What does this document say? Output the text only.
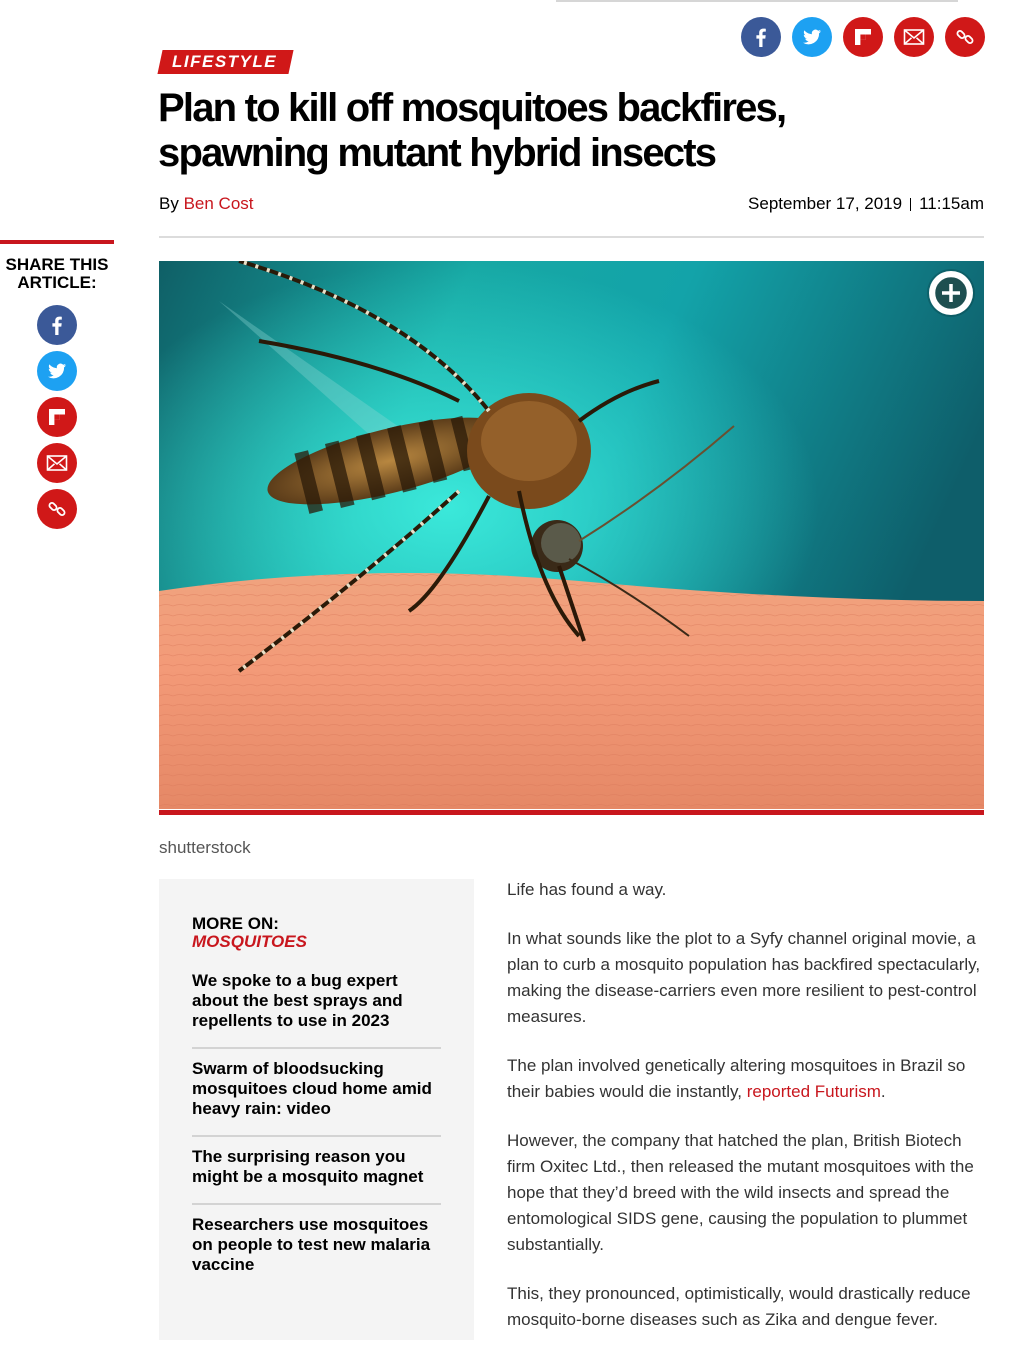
LIFESTYLE
Plan to kill off mosquitoes backfires, spawning mutant hybrid insects
By Ben Cost	September 17, 2019 11:15am
SHARE THIS ARTICLE:
shutterstock
MORE ON:
MOSQUITOES
We spoke to a bug expert about the best sprays and repellents to use in 2023
Swarm of bloodsucking mosquitoes cloud home amid heavy rain: video
The surprising reason you might be a mosquito magnet
Researchers use mosquitoes on people to test new malaria vaccine

Life has found a way.

In what sounds like the plot to a Syfy channel original movie, a plan to curb a mosquito population has backfired spectacularly, making the disease-carriers even more resilient to pest-control measures.

The plan involved genetically altering mosquitoes in Brazil so their babies would die instantly, reported Futurism.

However, the company that hatched the plan, British Biotech firm Oxitec Ltd., then released the mutant mosquitoes with the hope that they’d breed with the wild insects and spread the entomological SIDS gene, causing the population to plummet substantially.

This, they pronounced, optimistically, would drastically reduce mosquito-borne diseases such as Zika and dengue fever.
